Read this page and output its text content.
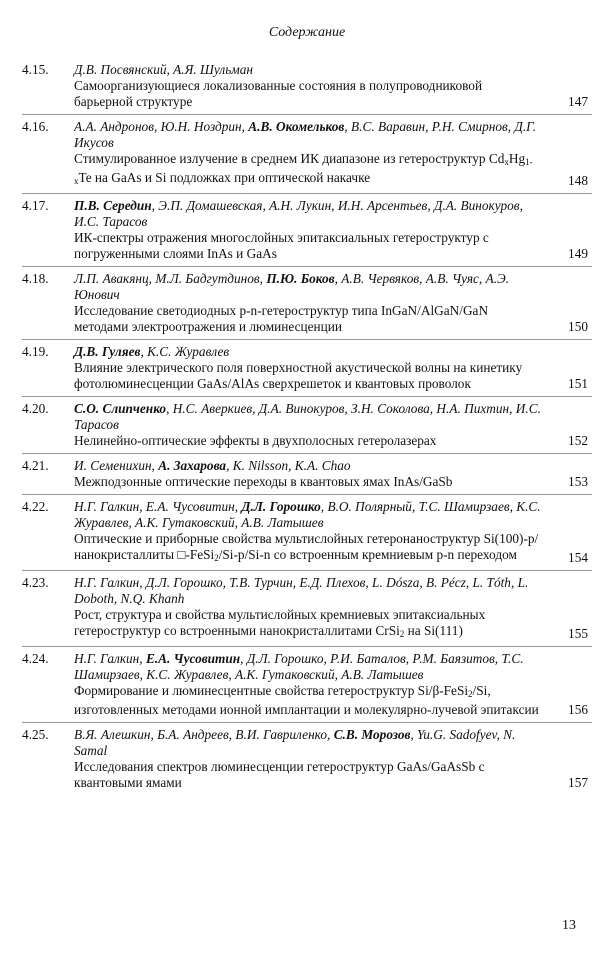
Содержание
4.15.	Д.В. Посвянский, А.Я. Шульман
Самоорганизующиеся локализованные состояния в полупроводниковой барьерной структуре	147
4.16.	А.А. Андронов, Ю.Н. Ноздрин, А.В. Окомельков, В.С. Варавин, Р.Н. Смирнов, Д.Г. Икусов
Стимулированное излучение в среднем ИК диапазоне из гетероструктур $Cd_xHg_{1-x}Te$ на GaAs и Si подложках при оптической накачке	148
4.17.	П.В. Середин, Э.П. Домашевская, А.Н. Лукин, И.Н. Арсентьев, Д.А. Винокуров, И.С. Тарасов
ИК-спектры отражения многослойных эпитаксиальных гетероструктур с погруженными слоями InAs и GaAs	149
4.18.	Л.П. Авакянц, М.Л. Бадгутдинов, П.Ю. Боков, А.В. Червяков, А.В. Чуяс, А.Э. Юнович
Исследование светодиодных p-n-гетероструктур типа InGaN/AlGaN/GaN методами электроотражения и люминесценции	150
4.19.	Д.В. Гуляев, К.С. Журавлев
Влияние электрического поля поверхностной акустической волны на кинетику фотолюминесценции GaAs/AlAs сверхрешеток и квантовых проволок	151
4.20.	С.О. Слипченко, Н.С. Аверкиев, Д.А. Винокуров, З.Н. Соколова, Н.А. Пихтин, И.С. Тарасов
Нелинейно-оптические эффекты в двухполосных гетеролазерах	152
4.21.	И. Семенихин, А. Захарова, K. Nilsson, K.A. Chao
Межподзонные оптические переходы в квантовых ямах InAs/GaSb	153
4.22.	Н.Г. Галкин, Е.А. Чусовитин, Д.Л. Горошко, В.О. Полярный, Т.С. Шамирзаев, К.С. Журавлев, А.К. Гутаковский, А.В. Латышев
Оптические и приборные свойства мультислойных гетеронаноструктур Si(100)-p/нанокристаллиты □-FeSi$_2$/Si-p/Si-n со встроенным кремниевым p-n переходом	154
4.23.	Н.Г. Галкин, Д.Л. Горошко, Т.В. Турчин, Е.Д. Плехов, L. Dósza, B. Pécz, L. Tóth, L. Doboth, N.Q. Khanh
Рост, структура и свойства мультислойных кремниевых эпитаксиальных гетероструктур со встроенными нанокристаллитами CrSi$_2$ на Si(111)	155
4.24.	Н.Г. Галкин, Е.А. Чусовитин, Д.Л. Горошко, Р.И. Баталов, Р.М. Баязитов, Т.С. Шамирзаев, К.С. Журавлев, А.К. Гутаковский, А.В. Латышев
Формирование и люминесцентные свойства гетероструктур Si/β-FeSi$_2$/Si, изготовленных методами ионной имплантации и молекулярно-лучевой эпитаксии 156
4.25.	В.Я. Алешкин, Б.А. Андреев, В.И. Гавриленко, С.В. Морозов, Yu.G. Sadofyev, N. Samal
Исследования спектров люминесценции гетероструктур GaAs/GaAsSb с квантовыми ямами	157
13
